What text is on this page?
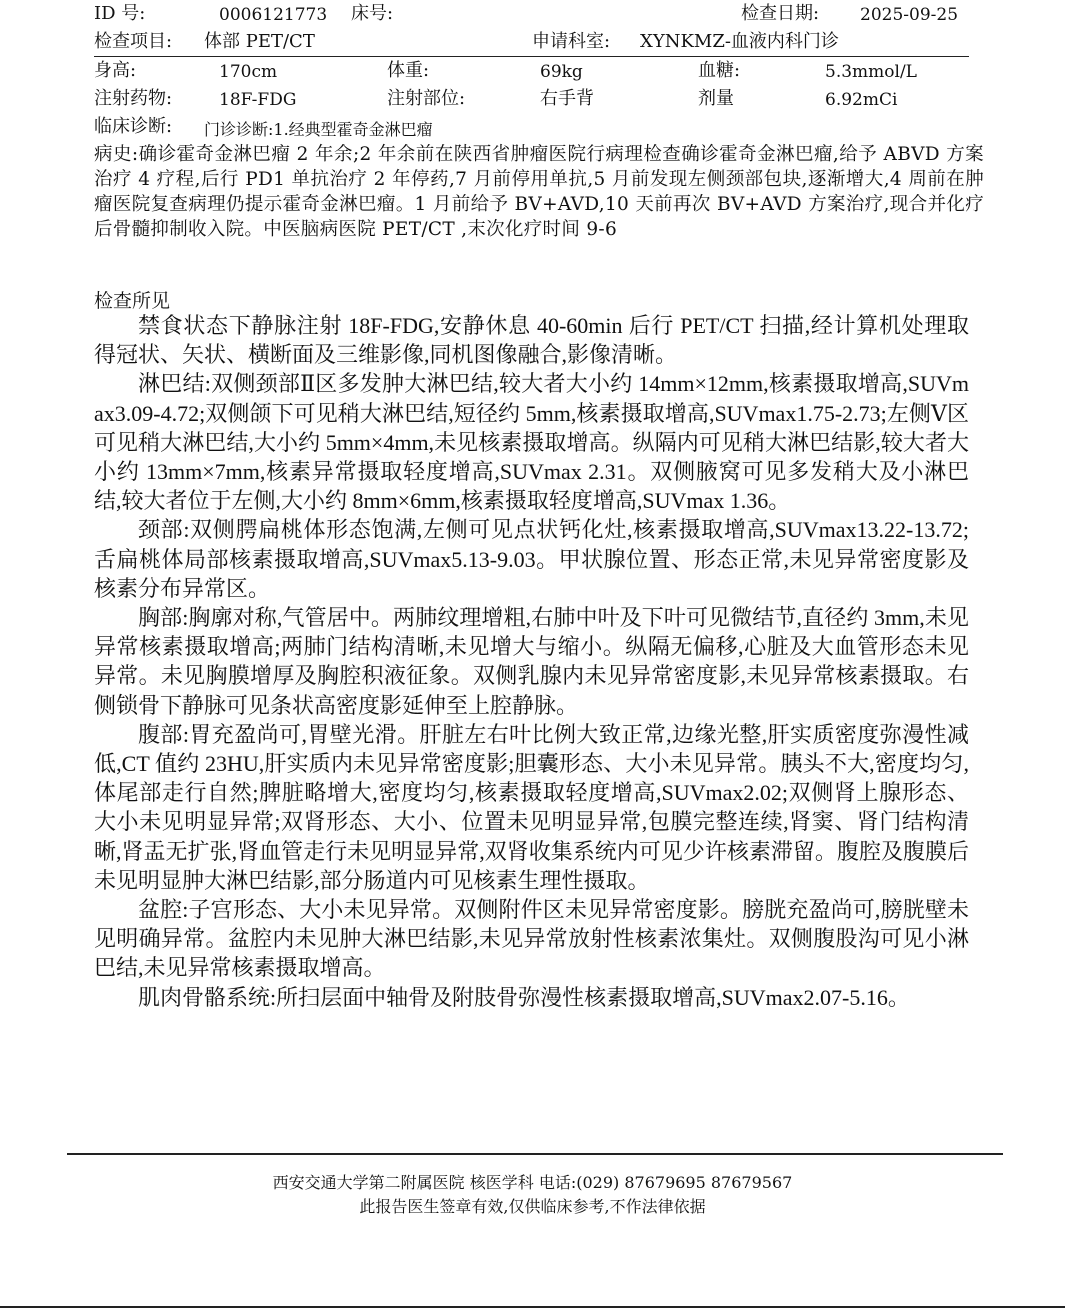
ID 号:	0006121773 床号:	检查日期: 2025-09-25
检查项目: 体部 PET/CT	申请科室: XYNKMZ-血液内科门诊
身高:	170cm	体重:	69kg	血糖:	5.3mmol/L
注射药物:	18F-FDG	注射部位:	右手背	剂量	6.92mCi
临床诊断: 门诊诊断:1.经典型霍奇金淋巴瘤
病史:确诊霍奇金淋巴瘤 2 年余;2 年余前在陕西省肿瘤医院行病理检查确诊霍奇金淋巴瘤,给予 ABVD 方案治疗 4 疗程,后行 PD1 单抗治疗 2 年停药,7 月前停用单抗,5 月前发现左侧颈部包块,逐渐增大,4 周前在肿瘤医院复查病理仍提示霍奇金淋巴瘤。1 月前给予 BV+AVD,10 天前再次 BV+AVD 方案治疗,现合并化疗后骨髓抑制收入院。中医脑病医院 PET/CT ,末次化疗时间 9-6
检查所见

禁食状态下静脉注射 18F-FDG,安静休息 40-60min 后行 PET/CT 扫描,经计算机处理取得冠状、矢状、横断面及三维影像,同机图像融合,影像清晰。

淋巴结:双侧颈部Ⅱ区多发肿大淋巴结,较大者大小约 14mm×12mm,核素摄取增高,SUVmax3.09-4.72;双侧颌下可见稍大淋巴结,短径约 5mm,核素摄取增高,SUVmax1.75-2.73;左侧Ⅴ区可见稍大淋巴结,大小约 5mm×4mm,未见核素摄取增高。纵隔内可见稍大淋巴结影,较大者大小约 13mm×7mm,核素异常摄取轻度增高,SUVmax 2.31。双侧腋窝可见多发稍大及小淋巴结,较大者位于左侧,大小约 8mm×6mm,核素摄取轻度增高,SUVmax 1.36。

颈部:双侧腭扁桃体形态饱满,左侧可见点状钙化灶,核素摄取增高,SUVmax13.22-13.72;舌扁桃体局部核素摄取增高,SUVmax5.13-9.03。甲状腺位置、形态正常,未见异常密度影及核素分布异常区。

胸部:胸廓对称,气管居中。两肺纹理增粗,右肺中叶及下叶可见微结节,直径约 3mm,未见异常核素摄取增高;两肺门结构清晰,未见增大与缩小。纵隔无偏移,心脏及大血管形态未见异常。未见胸膜增厚及胸腔积液征象。双侧乳腺内未见异常密度影,未见异常核素摄取。右侧锁骨下静脉可见条状高密度影延伸至上腔静脉。

腹部:胃充盈尚可,胃壁光滑。肝脏左右叶比例大致正常,边缘光整,肝实质密度弥漫性减低,CT 值约 23HU,肝实质内未见异常密度影;胆囊形态、大小未见异常。胰头不大,密度均匀,体尾部走行自然;脾脏略增大,密度均匀,核素摄取轻度增高,SUVmax2.02;双侧肾上腺形态、大小未见明显异常;双肾形态、大小、位置未见明显异常,包膜完整连续,肾窦、肾门结构清晰,肾盂无扩张,肾血管走行未见明显异常,双肾收集系统内可见少许核素滞留。腹腔及腹膜后未见明显肿大淋巴结影,部分肠道内可见核素生理性摄取。

盆腔:子宫形态、大小未见异常。双侧附件区未见异常密度影。膀胱充盈尚可,膀胱壁未见明确异常。盆腔内未见肿大淋巴结影,未见异常放射性核素浓集灶。双侧腹股沟可见小淋巴结,未见异常核素摄取增高。

肌肉骨骼系统:所扫层面中轴骨及附肢骨弥漫性核素摄取增高,SUVmax2.07-5.16。

西安交通大学第二附属医院 核医学科 电话:(029) 87679695 87679567
此报告医生签章有效,仅供临床参考,不作法律依据
